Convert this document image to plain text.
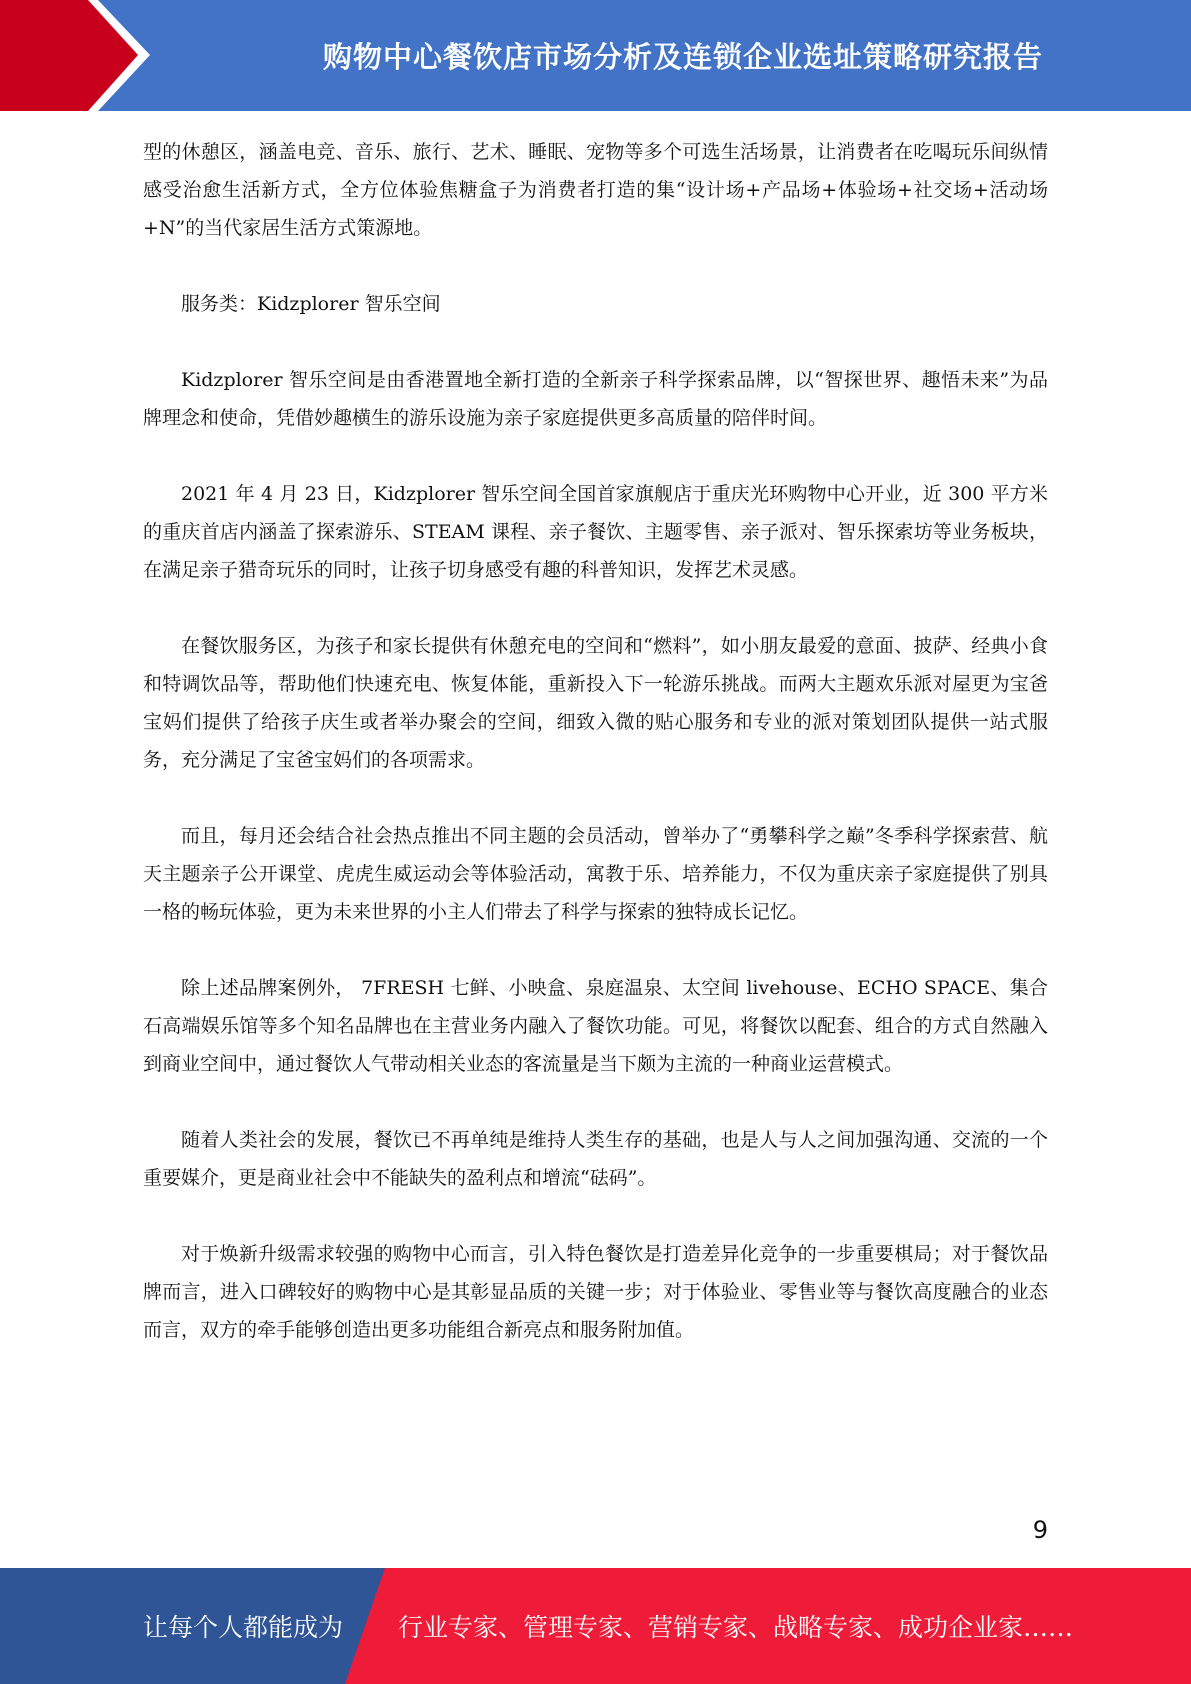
购物中心餐饮店市场分析及连锁企业选址策略研究报告

型的休憩区，涵盖电竞、音乐、旅行、艺术、睡眠、宠物等多个可选生活场景，让消费者在吃喝玩乐间纵情感受治愈生活新方式，全方位体验焦糖盒子为消费者打造的集“设计场+产品场+体验场+社交场+活动场+N”的当代家居生活方式策源地。

服务类：Kidzplorer 智乐空间

Kidzplorer 智乐空间是由香港置地全新打造的全新亲子科学探索品牌，以“智探世界、趣悟未来”为品牌理念和使命，凭借妙趣横生的游乐设施为亲子家庭提供更多高质量的陪伴时间。

2021 年 4 月 23 日，Kidzplorer 智乐空间全国首家旗舰店于重庆光环购物中心开业，近 300 平方米的重庆首店内涵盖了探索游乐、STEAM 课程、亲子餐饮、主题零售、亲子派对、智乐探索坊等业务板块，在满足亲子猎奇玩乐的同时，让孩子切身感受有趣的科普知识，发挥艺术灵感。

在餐饮服务区，为孩子和家长提供有休憩充电的空间和“燃料”，如小朋友最爱的意面、披萨、经典小食和特调饮品等，帮助他们快速充电、恢复体能，重新投入下一轮游乐挑战。而两大主题欢乐派对屋更为宝爸宝妈们提供了给孩子庆生或者举办聚会的空间，细致入微的贴心服务和专业的派对策划团队提供一站式服务，充分满足了宝爸宝妈们的各项需求。

而且，每月还会结合社会热点推出不同主题的会员活动，曾举办了“勇攀科学之巅”冬季科学探索营、航天主题亲子公开课堂、虎虎生威运动会等体验活动，寓教于乐、培养能力，不仅为重庆亲子家庭提供了别具一格的畅玩体验，更为未来世界的小主人们带去了科学与探索的独特成长记忆。

除上述品牌案例外， 7FRESH 七鲜、小映盒、泉庭温泉、太空间 livehouse、ECHO SPACE、集合石高端娱乐馆等多个知名品牌也在主营业务内融入了餐饮功能。可见，将餐饮以配套、组合的方式自然融入到商业空间中，通过餐饮人气带动相关业态的客流量是当下颇为主流的一种商业运营模式。

随着人类社会的发展，餐饮已不再单纯是维持人类生存的基础，也是人与人之间加强沟通、交流的一个重要媒介，更是商业社会中不能缺失的盈利点和增流“砝码”。

对于焕新升级需求较强的购物中心而言，引入特色餐饮是打造差异化竞争的一步重要棋局；对于餐饮品牌而言，进入口碑较好的购物中心是其彰显品质的关键一步；对于体验业、零售业等与餐饮高度融合的业态而言，双方的牵手能够创造出更多功能组合新亮点和服务附加值。

9
让每个人都能成为 行业专家、管理专家、营销专家、战略专家、成功企业家……
